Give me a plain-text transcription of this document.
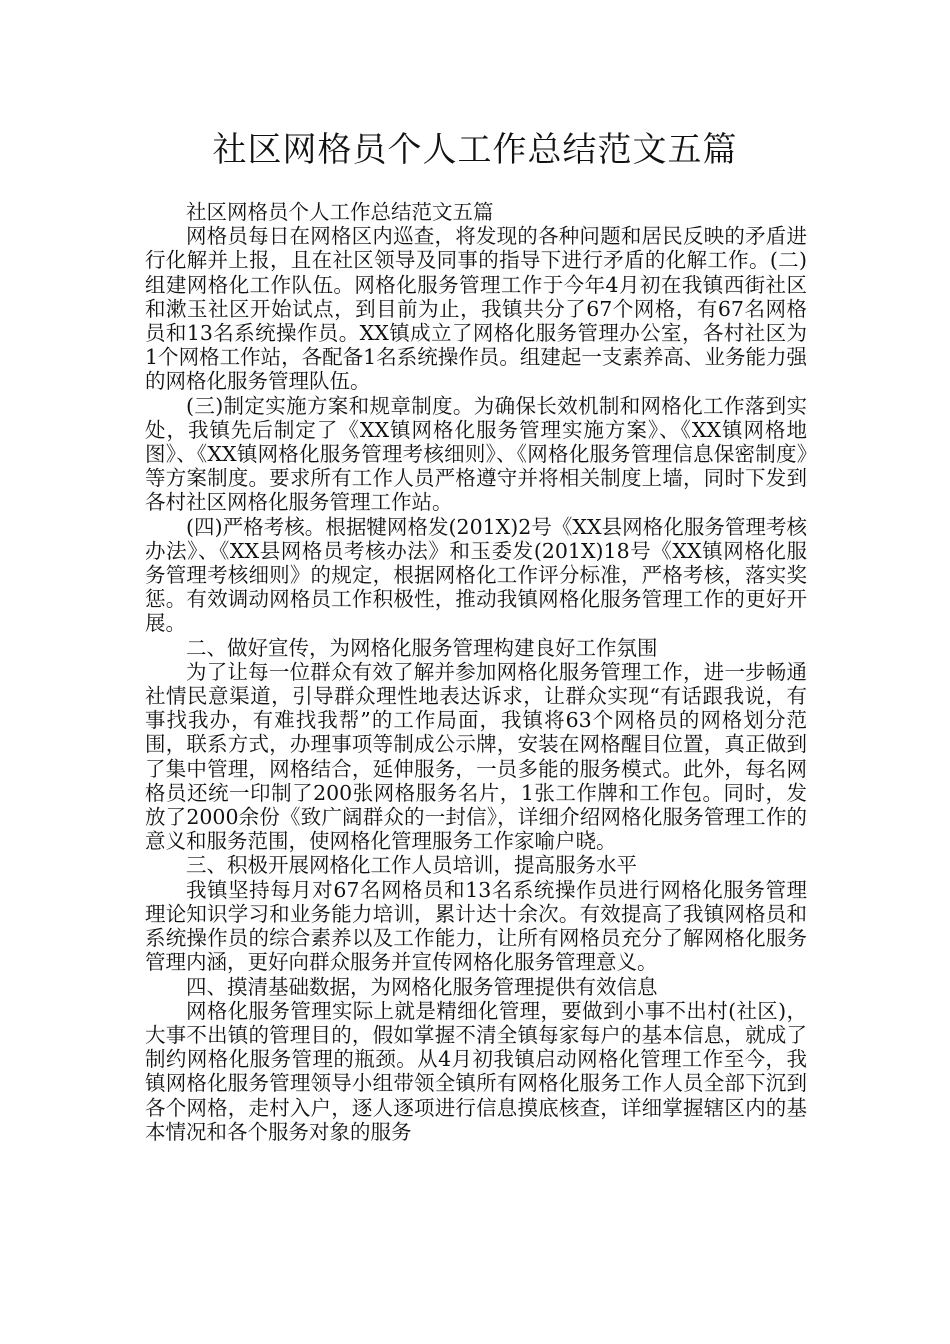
社区网格员个人工作总结范文五篇

社区网格员个人工作总结范文五篇

网格员每日在网格区内巡查，将发现的各种问题和居民反映的矛盾进行化解并上报，且在社区领导及同事的指导下进行矛盾的化解工作。(二)组建网格化工作队伍。网格化服务管理工作于今年4月初在我镇西街社区和漱玉社区开始试点，到目前为止，我镇共分了67个网格，有67名网格员和13名系统操作员。XX镇成立了网格化服务管理办公室，各村社区为1个网格工作站，各配备1名系统操作员。组建起一支素养高、业务能力强的网格化服务管理队伍。

(三)制定实施方案和规章制度。为确保长效机制和网格化工作落到实处，我镇先后制定了《XX镇网格化服务管理实施方案》、《XX镇网格地图》、《XX镇网格化服务管理考核细则》、《网格化服务管理信息保密制度》等方案制度。要求所有工作人员严格遵守并将相关制度上墙，同时下发到各村社区网格化服务管理工作站。

(四)严格考核。根据犍网格发(201X)2号《XX县网格化服务管理考核办法》、《XX县网格员考核办法》和玉委发(201X)18号《XX镇网格化服务管理考核细则》的规定，根据网格化工作评分标准，严格考核，落实奖惩。有效调动网格员工作积极性，推动我镇网格化服务管理工作的更好开展。

二、做好宣传，为网格化服务管理构建良好工作氛围

为了让每一位群众有效了解并参加网格化服务管理工作，进一步畅通社情民意渠道，引导群众理性地表达诉求，让群众实现“有话跟我说，有事找我办，有难找我帮”的工作局面，我镇将63个网格员的网格划分范围，联系方式，办理事项等制成公示牌，安装在网格醒目位置，真正做到了集中管理，网格结合，延伸服务，一员多能的服务模式。此外，每名网格员还统一印制了200张网格服务名片，1张工作牌和工作包。同时，发放了2000余份《致广阔群众的一封信》，详细介绍网格化服务管理工作的意义和服务范围，使网格化管理服务工作家喻户晓。

三、积极开展网格化工作人员培训，提高服务水平

我镇坚持每月对67名网格员和13名系统操作员进行网格化服务管理理论知识学习和业务能力培训，累计达十余次。有效提高了我镇网格员和系统操作员的综合素养以及工作能力，让所有网格员充分了解网格化服务管理内涵，更好向群众服务并宣传网格化服务管理意义。

四、摸清基础数据，为网格化服务管理提供有效信息

网格化服务管理实际上就是精细化管理，要做到小事不出村(社区)，大事不出镇的管理目的，假如掌握不清全镇每家每户的基本信息，就成了制约网格化服务管理的瓶颈。从4月初我镇启动网格化管理工作至今，我镇网格化服务管理领导小组带领全镇所有网格化服务工作人员全部下沉到各个网格，走村入户，逐人逐项进行信息摸底核查，详细掌握辖区内的基本情况和各个服务对象的服务
